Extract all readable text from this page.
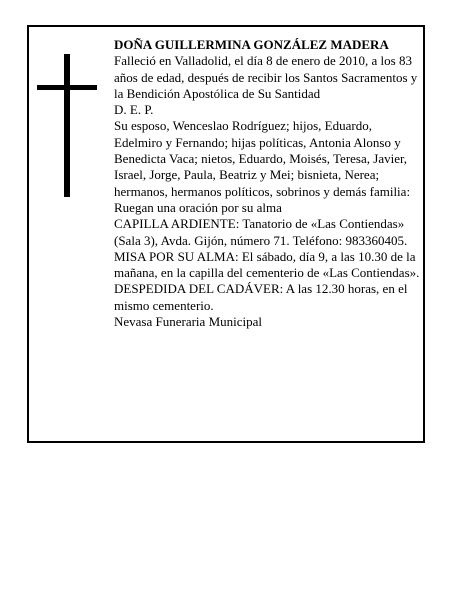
DOÑA GUILLERMINA GONZÁLEZ MADERA

Falleció en Valladolid, el día 8 de enero de 2010, a los 83 años de edad, después de recibir los Santos Sacramentos y la Bendición Apostólica de Su Santidad

D. E. P.

Su esposo, Wenceslao Rodríguez; hijos, Eduardo, Edelmiro y Fernando; hijas políticas, Antonia Alonso y Benedicta Vaca; nietos, Eduardo, Moisés, Teresa, Javier, Israel, Jorge, Paula, Beatriz y Mei; bisnieta, Nerea; hermanos, hermanos políticos, sobrinos y demás familia:

Ruegan una oración por su alma

CAPILLA ARDIENTE: Tanatorio de «Las Contiendas» (Sala 3), Avda. Gijón, número 71. Teléfono: 983360405.

MISA POR SU ALMA: El sábado, día 9, a las 10.30 de la mañana, en la capilla del cementerio de «Las Contiendas».

DESPEDIDA DEL CADÁVER: A las 12.30 horas, en el mismo cementerio.

Nevasa Funeraria Municipal
